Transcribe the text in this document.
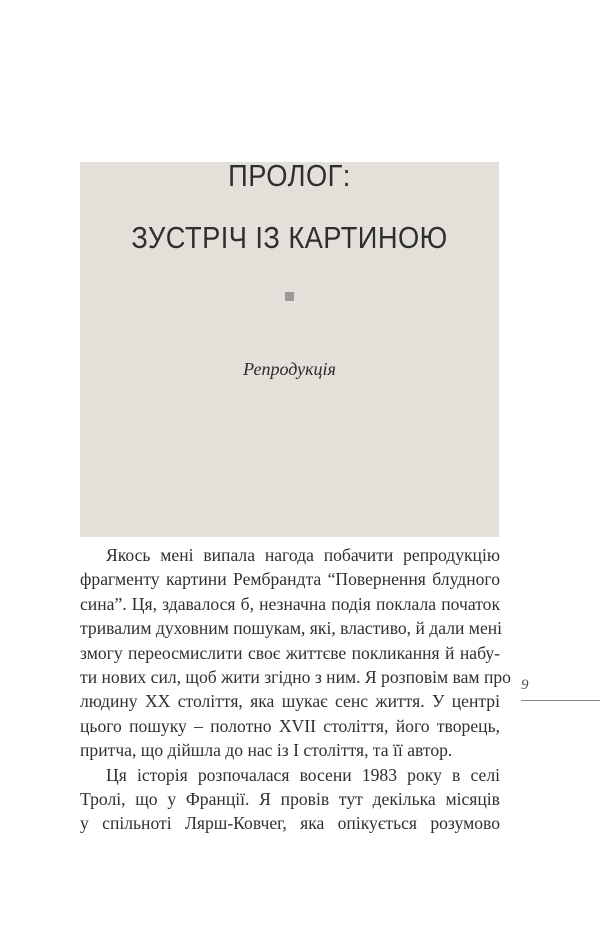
ПРОЛОГ:
ЗУСТРІЧ ІЗ КАРТИНОЮ
Репродукція
Якось мені випала нагода побачити репродукцію
фрагменту картини Рембрандта “Повернення блудного
сина”. Ця, здавалося б, незначна подія поклала початок
тривалим духовним пошукам, які, властиво, й дали мені
змогу переосмислити своє життєве покликання й набу-
ти нових сил, щоб жити згідно з ним. Я розповім вам про
людину XX століття, яка шукає сенс життя. У центрі
цього пошуку – полотно XVII століття, його творець,
притча, що дійшла до нас із I століття, та її автор.
Ця історія розпочалася восени 1983 року в селі
Тролі, що у Франції. Я провів тут декілька місяців
у спільноті Лярш-Ковчег, яка опікується розумово
9
